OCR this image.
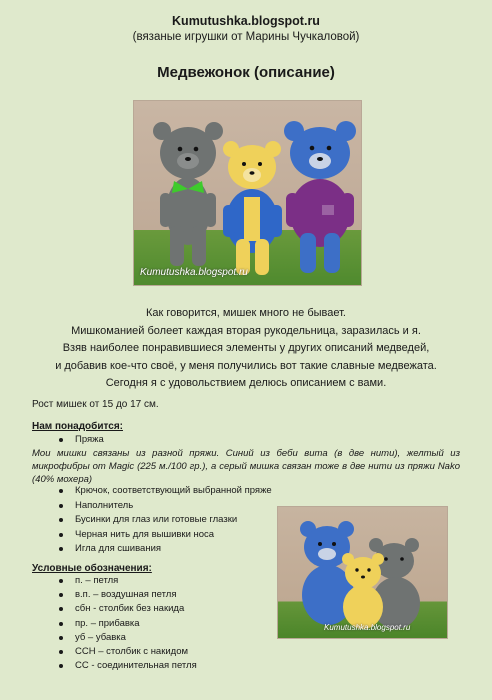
Kumutushka.blogspot.ru
(вязаные игрушки от Марины Чучкаловой)
Медвежонок (описание)
Kumutushka.blogspot.ru
Как говорится, мишек много не бывает.
Мишкоманией болеет каждая вторая рукодельница, заразилась и я.
Взяв наиболее понравившиеся элементы у других описаний медведей,
и добавив кое-что своё, у меня получились вот такие славные медвежата.
Сегодня я с удовольствием делюсь описанием с вами.
Рост мишек от 15 до 17 см.
Нам понадобится:
Пряжа
Мои мишки связаны из разной пряжи. Синий из беби вита (в две нити), желтый из микрофибры от Magic (225 м./100 гр.), а серый мишка связан тоже в две нити из пряжи Nako (40% мохера)
Крючок, соответствующий выбранной пряже
Наполнитель
Бусинки для глаз или готовые глазки
Черная нить для вышивки носа
Игла для сшивания
Условные обозначения:
п. – петля
в.п. – воздушная петля
сбн - столбик без накида
пр. – прибавка
уб – убавка
ССН – столбик с накидом
СС - соединительная петля
Kumutushka.blogspot.ru
